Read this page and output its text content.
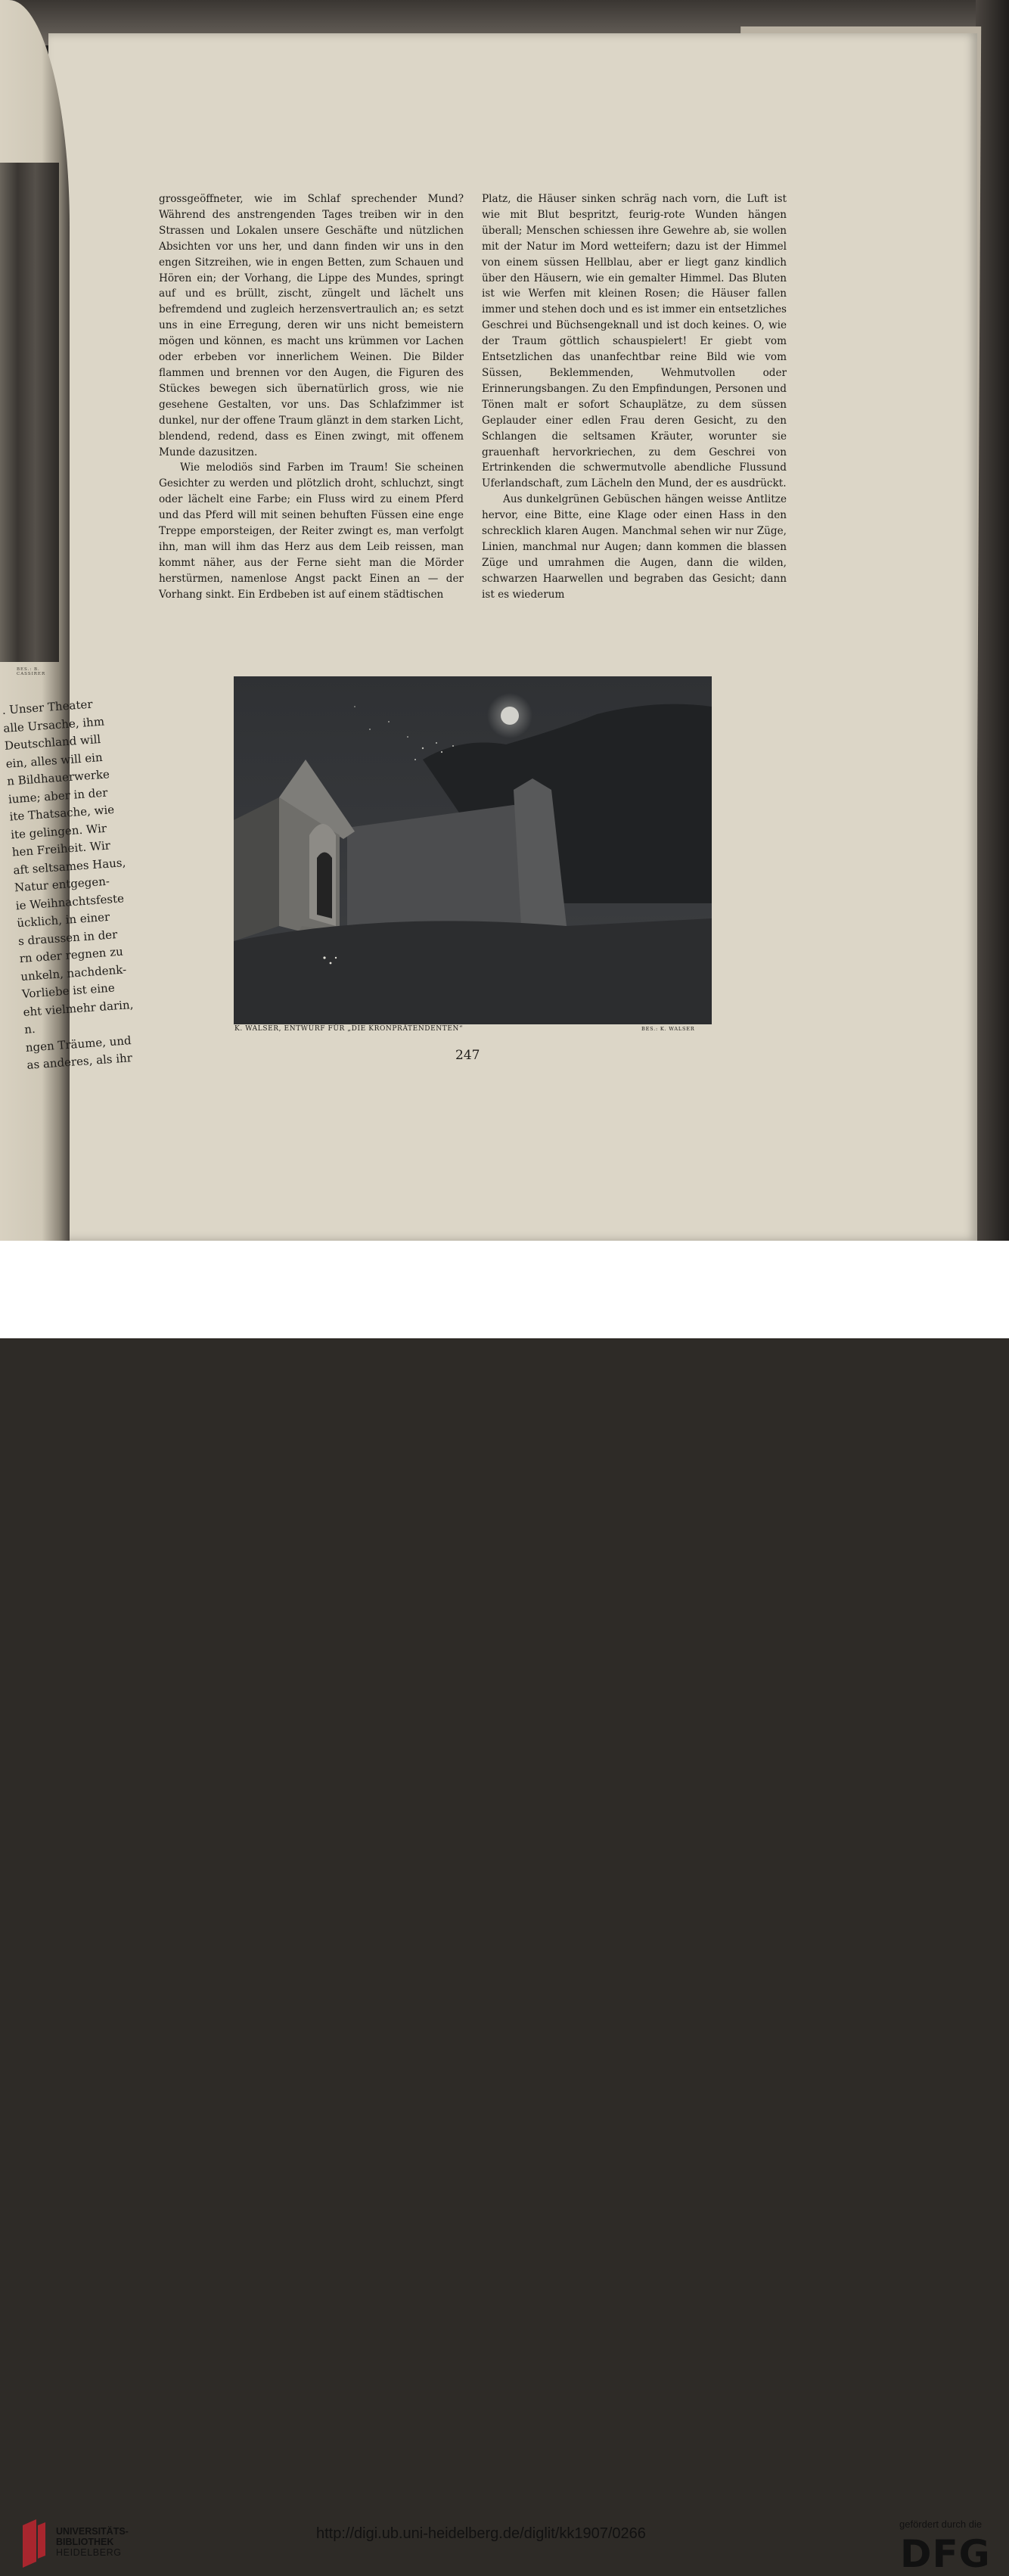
BES.: B. CASSIRER
. Unser Theater
alle Ursache, ihm
Deutschland will
ein, alles will ein
n Bildhauerwerke
iume; aber in der
ite Thatsache, wie
ite gelingen. Wir
hen Freiheit. Wir
aft seltsames Haus,
Natur entgegen-
ie Weihnachtsfeste
ücklich, in einer
s draussen in der
rn oder regnen zu
unkeln, nachdenk-
Vorliebe ist eine
eht vielmehr darin,
n.
ngen Träume, und
as anderes, als ihr

grossgeöffneter, wie im Schlaf sprechender Mund? Während des anstrengenden Tages treiben wir in den Strassen und Lokalen unsere Geschäfte und nützlichen Absichten vor uns her, und dann finden wir uns in den engen Sitzreihen, wie in engen Betten, zum Schauen und Hören ein; der Vorhang, die Lippe des Mundes, springt auf und es brüllt, zischt, züngelt und lächelt uns befremdend und zugleich herzensvertraulich an; es setzt uns in eine Erregung, deren wir uns nicht bemeistern mögen und können, es macht uns krümmen vor Lachen oder erbeben vor innerlichem Weinen. Die Bilder flammen und brennen vor den Augen, die Figuren des Stückes bewegen sich übernatürlich gross, wie nie gesehene Gestalten, vor uns. Das Schlafzimmer ist dunkel, nur der offene Traum glänzt in dem starken Licht, blendend, redend, dass es Einen zwingt, mit offenem Munde dazusitzen.

Wie melodiös sind Farben im Traum! Sie scheinen Gesichter zu werden und plötzlich droht, schluchzt, singt oder lächelt eine Farbe; ein Fluss wird zu einem Pferd und das Pferd will mit seinen behuften Füssen eine enge Treppe emporsteigen, der Reiter zwingt es, man verfolgt ihn, man will ihm das Herz aus dem Leib reissen, man kommt näher, aus der Ferne sieht man die Mörder herstürmen, namenlose Angst packt Einen an — der Vorhang sinkt. Ein Erdbeben ist auf einem städtischen

Platz, die Häuser sinken schräg nach vorn, die Luft ist wie mit Blut bespritzt, feurig-rote Wunden hängen überall; Menschen schiessen ihre Gewehre ab, sie wollen mit der Natur im Mord wetteifern; dazu ist der Himmel von einem süssen Hellblau, aber er liegt ganz kindlich über den Häusern, wie ein gemalter Himmel. Das Bluten ist wie Werfen mit kleinen Rosen; die Häuser fallen immer und stehen doch und es ist immer ein entsetzliches Geschrei und Büchsengeknall und ist doch keines. O, wie der Traum göttlich schauspielert! Er giebt vom Entsetzlichen das unanfechtbar reine Bild wie vom Süssen, Beklemmenden, Wehmutvollen oder Erinnerungsbangen. Zu den Empfindungen, Personen und Tönen malt er sofort Schauplätze, zu dem süssen Geplauder einer edlen Frau deren Gesicht, zu den Schlangen die seltsamen Kräuter, worunter sie grauenhaft hervorkriechen, zu dem Geschrei von Ertrinkenden die schwermutvolle abendliche Flussund Uferlandschaft, zum Lächeln den Mund, der es ausdrückt.

Aus dunkelgrünen Gebüschen hängen weisse Antlitze hervor, eine Bitte, eine Klage oder einen Hass in den schrecklich klaren Augen. Manchmal sehen wir nur Züge, Linien, manchmal nur Augen; dann kommen die blassen Züge und umrahmen die Augen, dann die wilden, schwarzen Haarwellen und begraben das Gesicht; dann ist es wiederum

K. WALSER, ENTWURF FÜR „DIE KRONPRÄTENDENTEN“	BES.: K. WALSER
247
UNIVERSITÄTS-
BIBLIOTHEK
HEIDELBERG
http://digi.ub.uni-heidelberg.de/diglit/kk1907/0266
gefördert durch die
DFG
